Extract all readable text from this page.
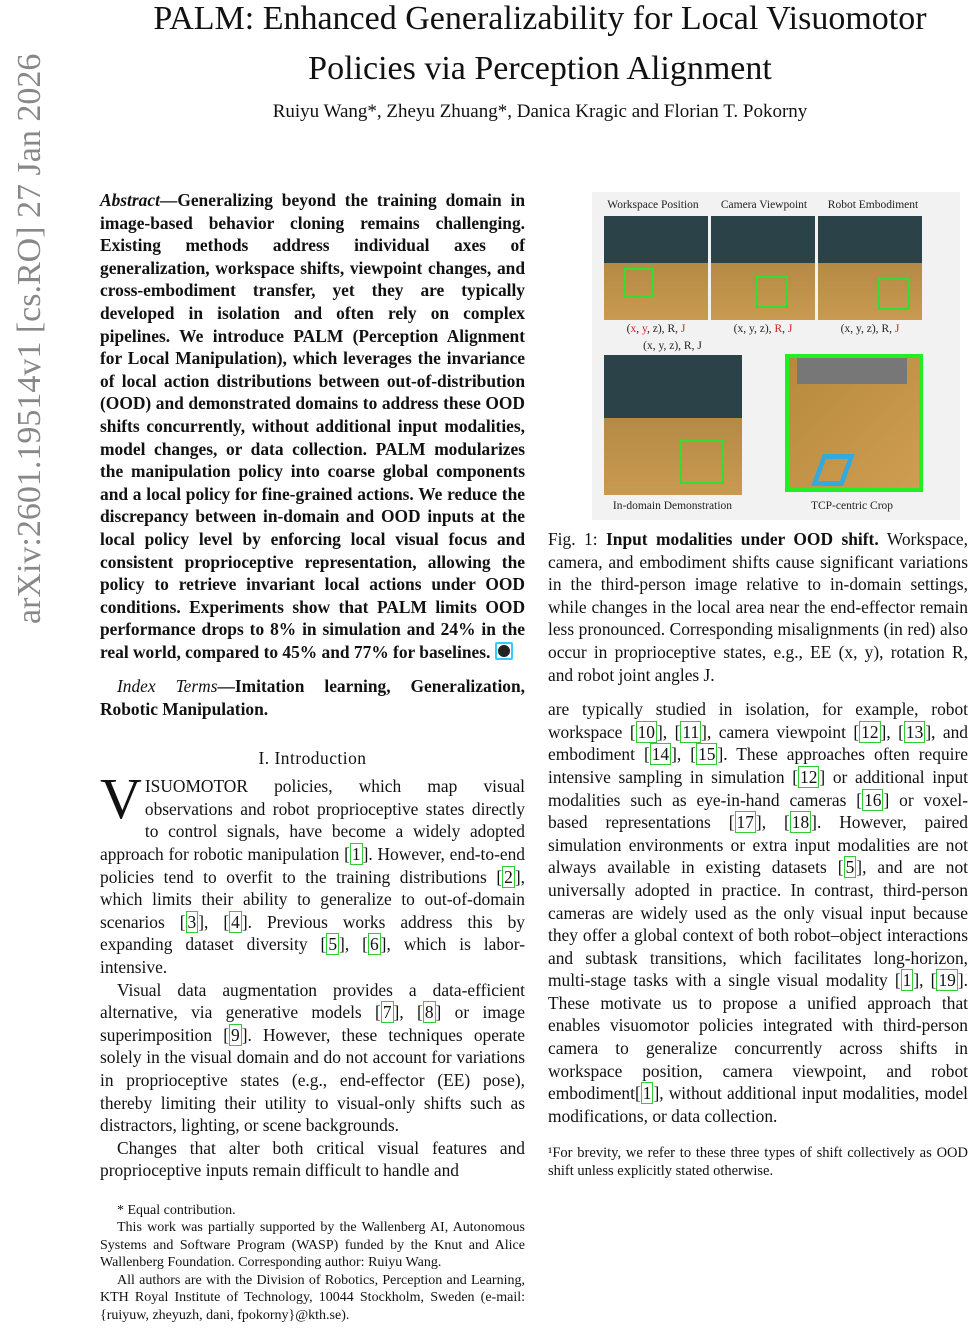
arXiv:2601.19514v1 [cs.RO] 27 Jan 2026
PALM: Enhanced Generalizability for Local Visuomotor Policies via Perception Alignment
Ruiyu Wang*, Zheyu Zhuang*, Danica Kragic and Florian T. Pokorny
Abstract—Generalizing beyond the training domain in image-based behavior cloning remains challenging. Existing methods address individual axes of generalization, workspace shifts, viewpoint changes, and cross-embodiment transfer, yet they are typically developed in isolation and often rely on complex pipelines. We introduce PALM (Perception Alignment for Local Manipulation), which leverages the invariance of local action distributions between out-of-distribution (OOD) and demonstrated domains to address these OOD shifts concurrently, without additional input modalities, model changes, or data collection. PALM modularizes the manipulation policy into coarse global components and a local policy for fine-grained actions. We reduce the discrepancy between in-domain and OOD inputs at the local policy level by enforcing local visual focus and consistent proprioceptive representation, allowing the policy to retrieve invariant local actions under OOD conditions. Experiments show that PALM limits OOD performance drops to 8% in simulation and 24% in the real world, compared to 45% and 77% for baselines.
Index Terms—Imitation learning, Generalization, Robotic Manipulation.
I. Introduction

VISUOMOTOR policies, which map visual observations and robot proprioceptive states directly to control signals, have become a widely adopted approach for robotic manipulation [ 1 ]. However, end-to-end policies tend to overfit to the training distributions [ 2 ], which limits their ability to generalize to out-of-domain scenarios [ 3 ], [ 4 ]. Previous works address this by expanding dataset diversity [ 5 ], [ 6 ], which is labor-intensive.

Visual data augmentation provides a data-efficient alternative, via generative models [ 7 ], [ 8 ] or image superimposition [ 9 ]. However, these techniques operate solely in the visual domain and do not account for variations in proprioceptive states (e.g., end-effector (EE) pose), thereby limiting their utility to visual-only shifts such as distractors, lighting, or scene backgrounds.

Changes that alter both critical visual features and proprioceptive inputs remain difficult to handle and

* Equal contribution.

This work was partially supported by the Wallenberg AI, Autonomous Systems and Software Program (WASP) funded by the Knut and Alice Wallenberg Foundation. Corresponding author: Ruiyu Wang.

All authors are with the Division of Robotics, Perception and Learning, KTH Royal Institute of Technology, 10044 Stockholm, Sweden (e-mail: {ruiyuw, zheyuzh, dani, fpokorny}@kth.se).

Workspace Position	Camera Viewpoint	Robot Embodiment
(x, y, z), R, J	(x, y, z), R, J	(x, y, z), R, J
(x, y, z), R, J
In-domain Demonstration	TCP-centric Crop
Fig. 1: Input modalities under OOD shift. Workspace, camera, and embodiment shifts cause significant variations in the third-person image relative to in-domain settings, while changes in the local area near the end-effector remain less pronounced. Corresponding misalignments (in red) also occur in proprioceptive states, e.g., EE (x, y), rotation R, and robot joint angles J.

are typically studied in isolation, for example, robot workspace [ 10 ], [ 11 ], camera viewpoint [ 12 ], [ 13 ], and embodiment [ 14 ], [ 15 ]. These approaches often require intensive sampling in simulation [ 12 ] or additional input modalities such as eye-in-hand cameras [ 16 ] or voxel-based representations [ 17 ], [ 18 ]. However, paired simulation environments or extra input modalities are not always available in existing datasets [ 5 ], and are not universally adopted in practice. In contrast, third-person cameras are widely used as the only visual input because they offer a global context of both robot–object interactions and subtask transitions, which facilitates long-horizon, multi-stage tasks with a single visual modality [ 1 ], [ 19 ]. These motivate us to propose a unified approach that enables visuomotor policies integrated with third-person camera to generalize concurrently across shifts in workspace position, camera viewpoint, and robot embodiment[ 1 ], without additional input modalities, model modifications, or data collection.

¹For brevity, we refer to these three types of shift collectively as OOD shift unless explicitly stated otherwise.
